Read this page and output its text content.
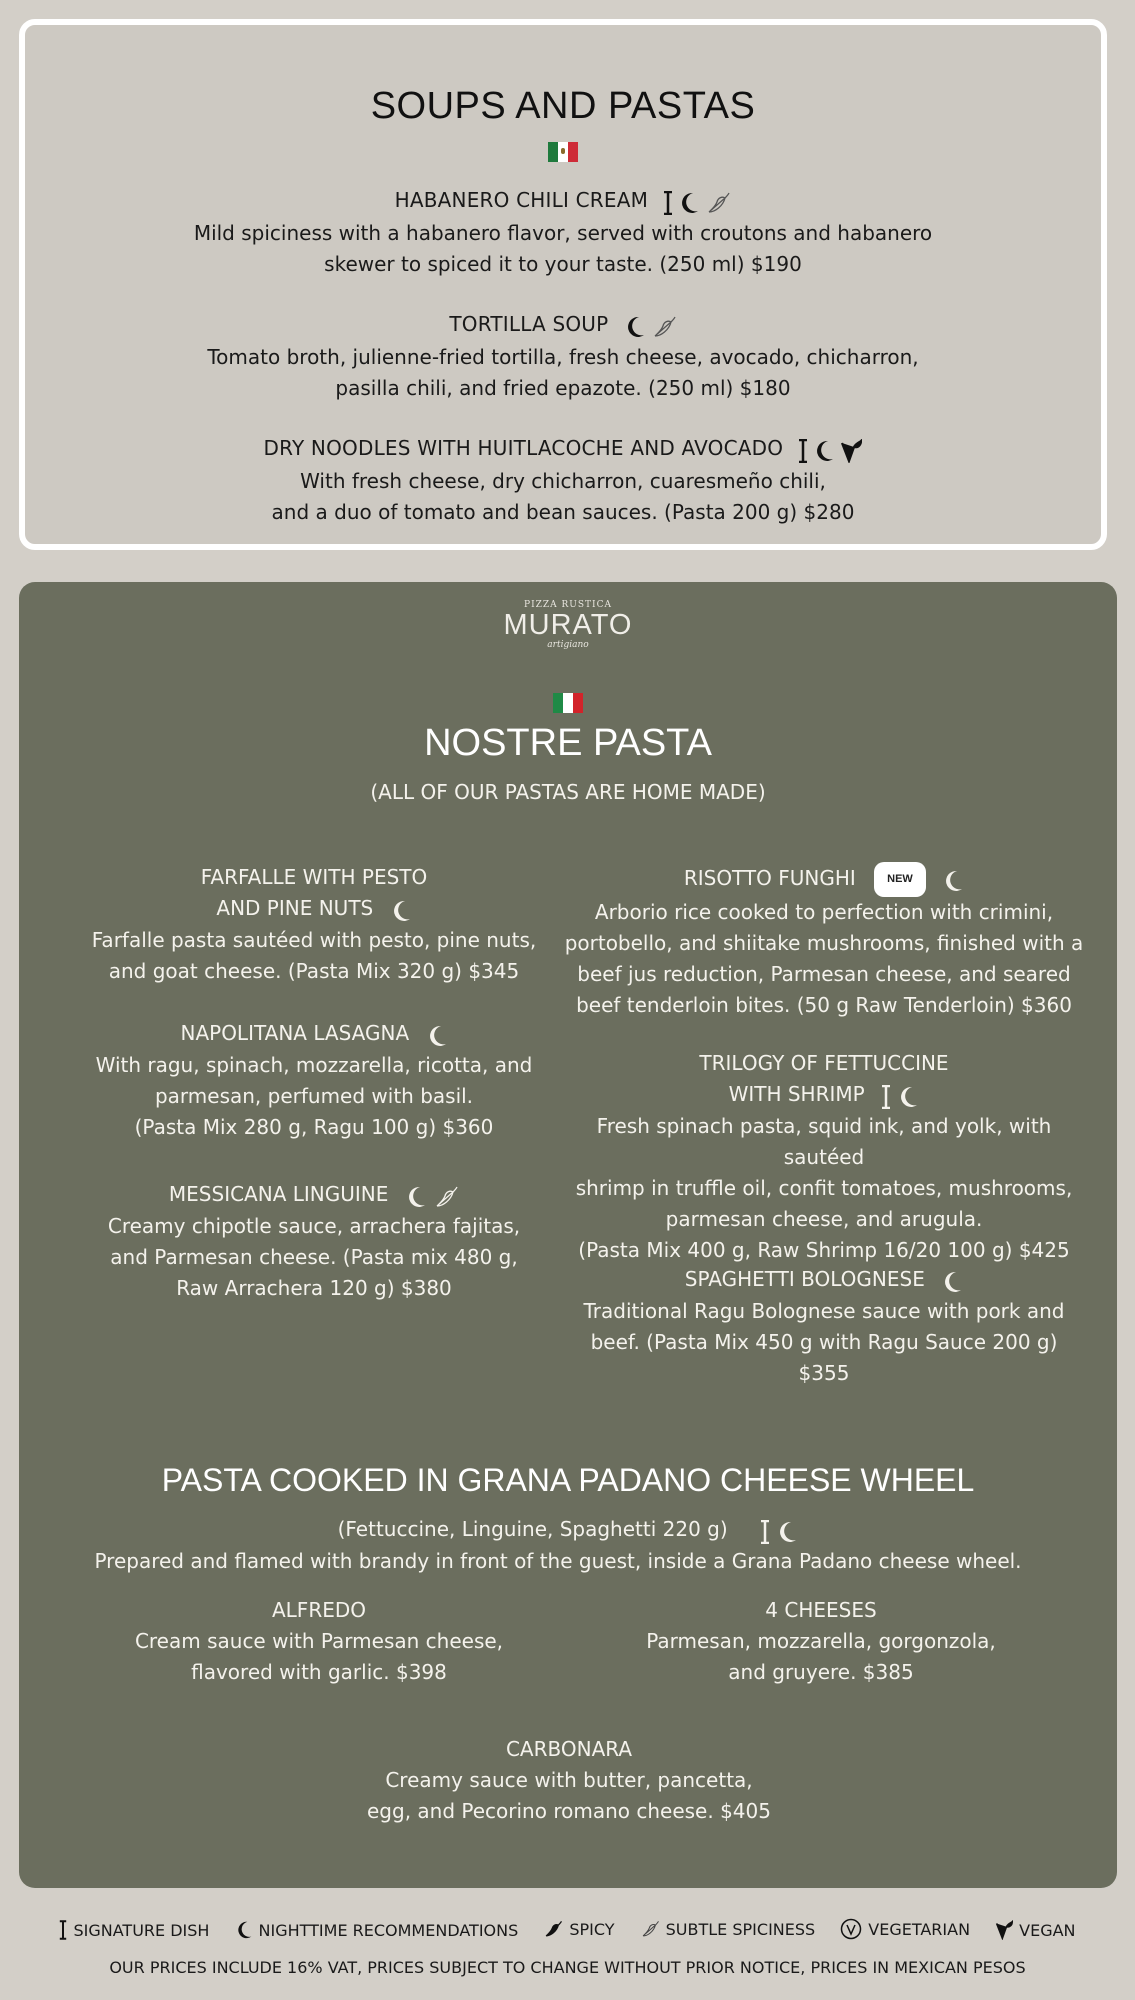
SOUPS AND PASTAS
HABANERO CHILI CREAM
Mild spiciness with a habanero flavor, served with croutons and habanero
skewer to spiced it to your taste. (250 ml) $190
TORTILLA SOUP
Tomato broth, julienne-fried tortilla, fresh cheese, avocado, chicharron,
pasilla chili, and fried epazote. (250 ml) $180
DRY NOODLES WITH HUITLACOCHE AND AVOCADO
With fresh cheese, dry chicharron, cuaresmeño chili,
and a duo of tomato and bean sauces. (Pasta 200 g) $280
PIZZA RUSTICA
MURATO
artigiano
NOSTRE PASTA
(ALL OF OUR PASTAS ARE HOME MADE)
FARFALLE WITH PESTO
AND PINE NUTS
Farfalle pasta sautéed with pesto, pine nuts,
and goat cheese. (Pasta Mix 320 g) $345
NAPOLITANA LASAGNA
With ragu, spinach, mozzarella, ricotta, and
parmesan, perfumed with basil.
(Pasta Mix 280 g, Ragu 100 g) $360
MESSICANA LINGUINE
Creamy chipotle sauce, arrachera fajitas,
and Parmesan cheese. (Pasta mix 480 g,
Raw Arrachera 120 g) $380
RISOTTO FUNGHI	NEW
Arborio rice cooked to perfection with crimini,
portobello, and shiitake mushrooms, finished with a
beef jus reduction, Parmesan cheese, and seared
beef tenderloin bites. (50 g Raw Tenderloin) $360
TRILOGY OF FETTUCCINE
WITH SHRIMP
Fresh spinach pasta, squid ink, and yolk, with sautéed
shrimp in truffle oil, confit tomatoes, mushrooms,
parmesan cheese, and arugula.
(Pasta Mix 400 g, Raw Shrimp 16/20 100 g) $425
SPAGHETTI BOLOGNESE
Traditional Ragu Bolognese sauce with pork and
beef. (Pasta Mix 450 g with Ragu Sauce 200 g) $355
PASTA COOKED IN GRANA PADANO CHEESE WHEEL
(Fettuccine, Linguine, Spaghetti 220 g)
Prepared and flamed with brandy in front of the guest, inside a Grana Padano cheese wheel.
ALFREDO
Cream sauce with Parmesan cheese,
flavored with garlic. $398
4 CHEESES
Parmesan, mozzarella, gorgonzola,
and gruyere. $385
CARBONARA
Creamy sauce with butter, pancetta,
egg, and Pecorino romano cheese. $405
SIGNATURE DISH
	NIGHTTIME RECOMMENDATIONS
	SPICY
	SUBTLE SPICINESS
	VEGETARIAN
	VEGAN
OUR PRICES INCLUDE 16% VAT, PRICES SUBJECT TO CHANGE WITHOUT PRIOR NOTICE, PRICES IN MEXICAN PESOS
